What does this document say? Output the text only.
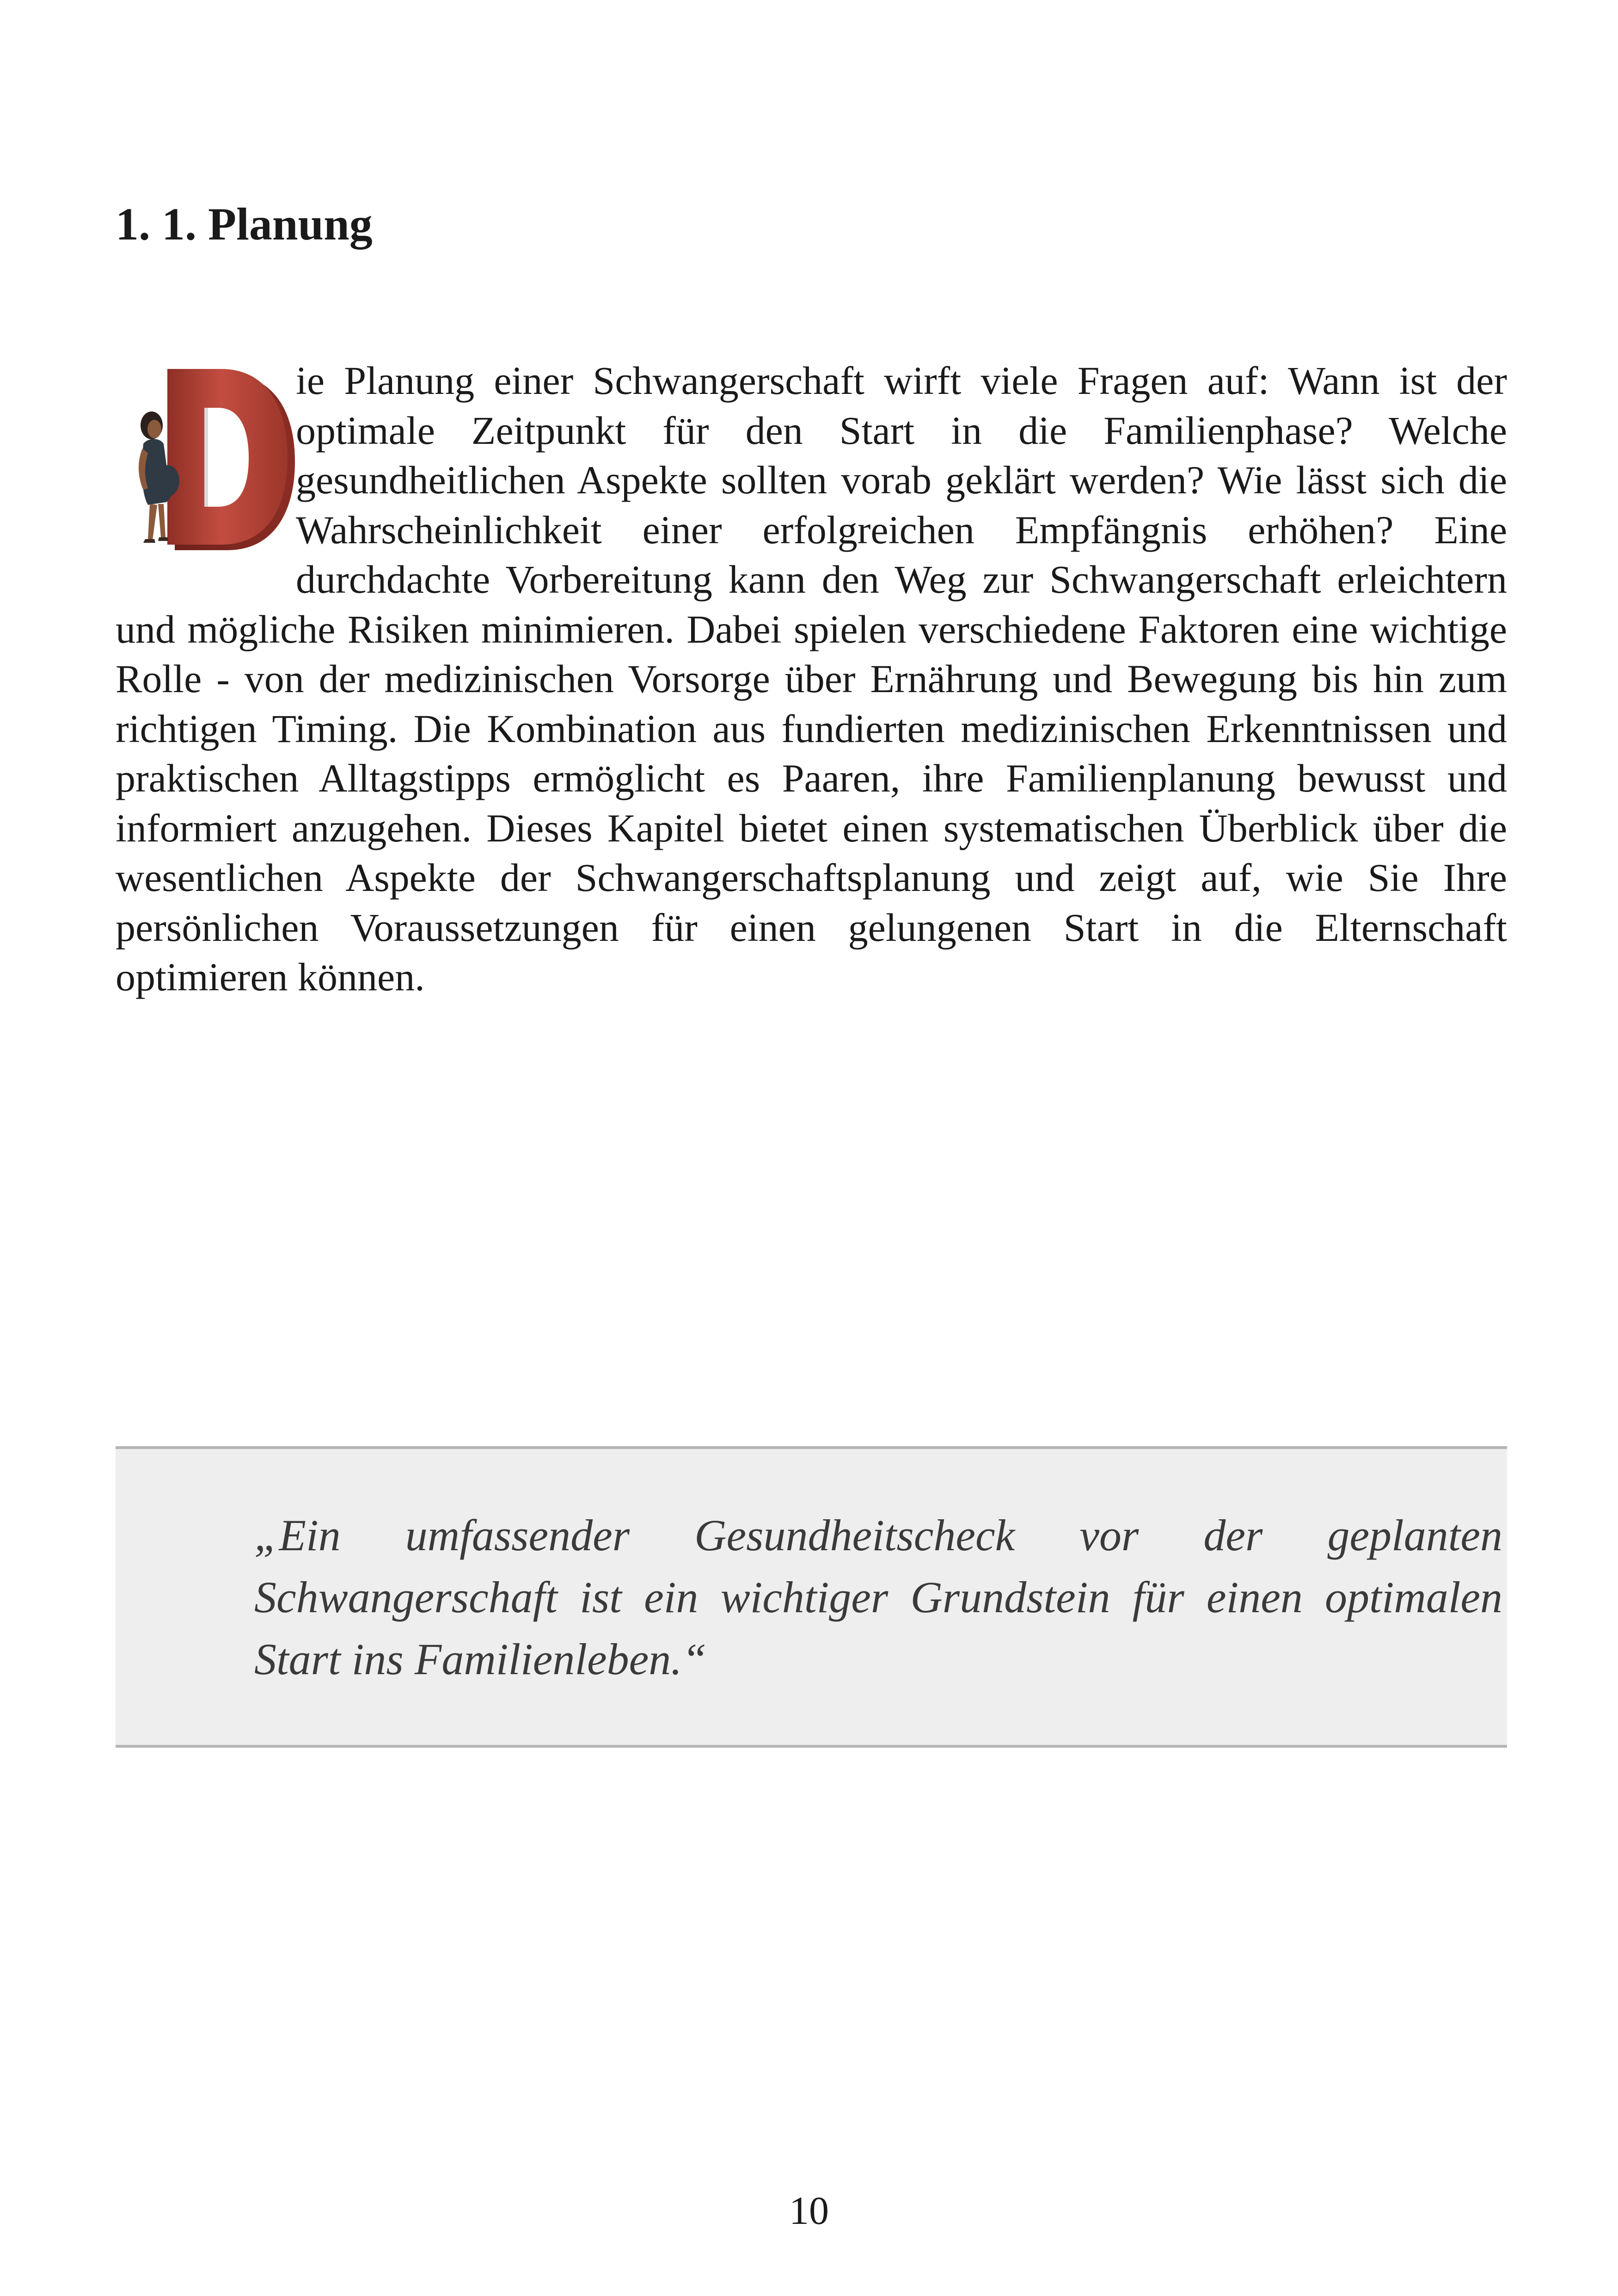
1. 1. Planung
ie Planung einer Schwangerschaft wirft viele Fragen auf: Wann ist der optimale Zeitpunkt für den Start in die Familienphase? Welche gesundheitlichen Aspekte sollten vorab geklärt werden? Wie lässt sich die Wahrscheinlichkeit einer erfolgreichen Empfängnis erhöhen? Eine durchdachte Vorbereitung kann den Weg zur Schwangerschaft erleichtern und mögliche Risiken minimieren. Dabei spielen verschiedene Faktoren eine wichtige Rolle - von der medizinischen Vorsorge über Ernährung und Bewegung bis hin zum richtigen Timing. Die Kombination aus fundierten medizinischen Erkenntnissen und praktischen Alltagstipps ermöglicht es Paaren, ihre Familienplanung bewusst und informiert anzugehen. Dieses Kapitel bietet einen systematischen Überblick über die wesentlichen Aspekte der Schwangerschaftsplanung und zeigt auf, wie Sie Ihre persönlichen Voraussetzungen für einen gelungenen Start in die Elternschaft optimieren können.

„Ein umfassender Gesundheitscheck vor der geplanten Schwangerschaft ist ein wichtiger Grundstein für einen optimalen Start ins Familienleben.“

10
